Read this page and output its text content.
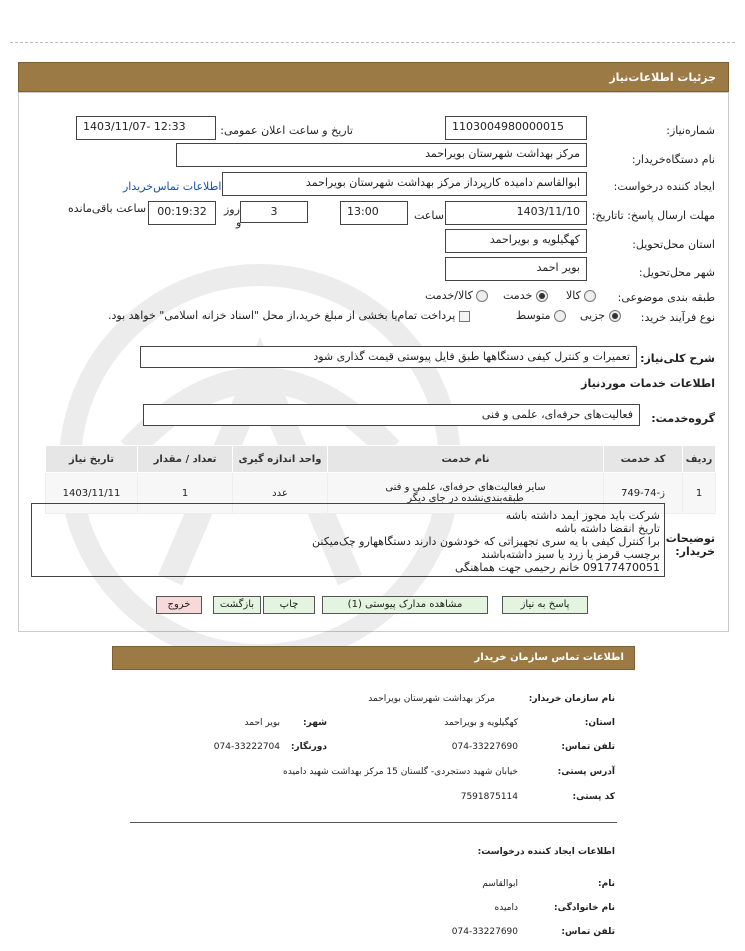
جزئیات اطلاعات‌نیاز
شماره‌نیاز:
1103004980000015
تاریخ و ساعت اعلان عمومی:
1403/11/07- 12:33
نام دستگاه‌خریدار:
مرکز بهداشت شهرستان بویراحمد
ایجاد کننده درخواست:
ابوالقاسم دامیده کارپرداز مرکز بهداشت شهرستان بویراحمد
اطلاعات تماس‌خریدار
مهلت ارسال پاسخ: تاتاریخ:
1403/11/10
ساعت
13:00
3
روز
و
00:19:32
ساعت باقی‌مانده
استان محل‌تحویل:
کهگیلویه و بویراحمد
شهر محل‌تحویل:
بویر احمد
طبقه بندی موضوعی:
کالا
خدمت
کالا/خدمت
نوع فرآیند خرید:
جزیی
متوسط
پرداخت تمام‌یا بخشی از مبلغ خرید،از محل "اسناد خزانه اسلامی" خواهد بود.
شرح کلی‌نیاز:
تعمیرات و کنترل کیفی دستگاهها طبق فایل پیوستی قیمت گذاری شود
اطلاعات خدمات موردنیاز
گروه‌خدمت:
فعالیت‌های حرفه‌ای، علمی و فنی
ردیف	کد خدمت	نام خدمت	واحد اندازه گیری	تعداد / مقدار	تاریخ نیاز
1	ز-74-749	سایر فعالیت‌های حرفه‌ای، علمی و فنی
طبقه‌بندی‌نشده در جای دیگر	عدد	1	1403/11/11
توضیحات
خریدار:
شرکت باید مجوز ایمد داشته باشه
تاریخ انقضا داشته باشه
برا کنترل کیفی با یه سری تجهیزاتی که خودشون دارند دستگاههارو چک‌میکنن
برچسب قرمز یا زرد یا سبز داشته‌باشند
09177470051 خانم رحیمی جهت هماهنگی
پاسخ به نیاز
مشاهده مدارک پیوستی (1)
چاپ
بازگشت
خروج
اطلاعات تماس سازمان خریدار
نام سازمان خریدار:
مرکز بهداشت شهرستان بویراحمد
استان:
کهگیلویه و بویراحمد
شهر:
بویر احمد
تلفن تماس:
074-33227690
دورنگار:
074-33222704
آدرس پستی:
خیابان شهید دستجردی- گلستان 15 مرکز بهداشت شهید دامیده
کد پستی:
7591875114
اطلاعات ایجاد کننده درخواست:
نام:
ابوالقاسم
نام خانوادگی:
دامیده
تلفن تماس:
074-33227690
